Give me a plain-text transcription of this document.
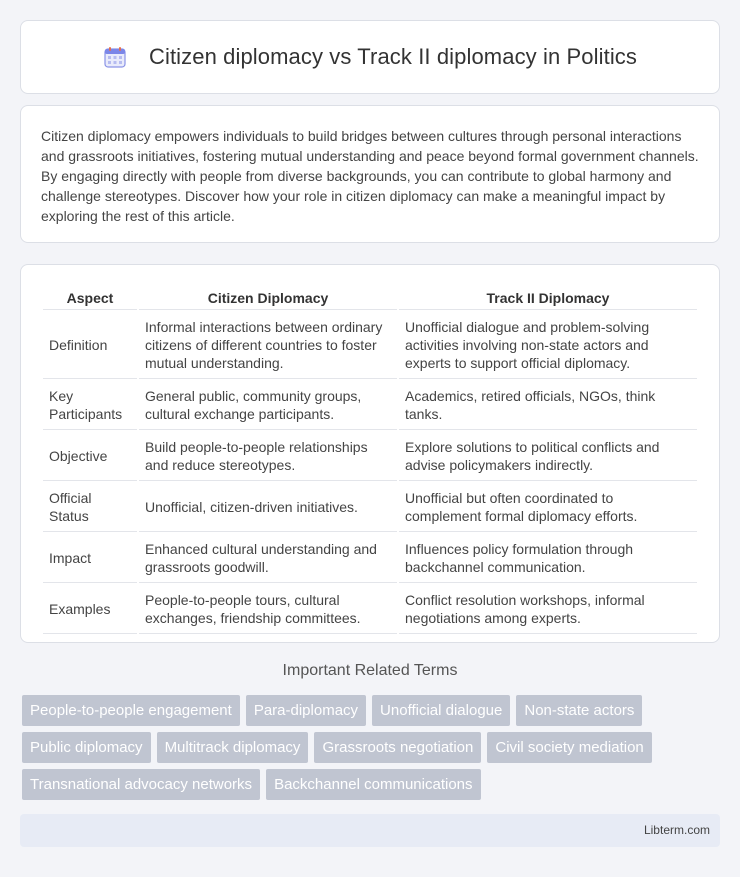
Citizen diplomacy vs Track II diplomacy in Politics

Citizen diplomacy empowers individuals to build bridges between cultures through personal interactions and grassroots initiatives, fostering mutual understanding and peace beyond formal government channels. By engaging directly with people from diverse backgrounds, you can contribute to global harmony and challenge stereotypes. Discover how your role in citizen diplomacy can make a meaningful impact by exploring the rest of this article.

Aspect	Citizen Diplomacy	Track II Diplomacy
Definition	Informal interactions between ordinary citizens of different countries to foster mutual understanding.	Unofficial dialogue and problem-solving activities involving non-state actors and experts to support official diplomacy.
Key Participants	General public, community groups, cultural exchange participants.	Academics, retired officials, NGOs, think tanks.
Objective	Build people-to-people relationships and reduce stereotypes.	Explore solutions to political conflicts and advise policymakers indirectly.
Official Status	Unofficial, citizen-driven initiatives.	Unofficial but often coordinated to complement formal diplomacy efforts.
Impact	Enhanced cultural understanding and grassroots goodwill.	Influences policy formulation through backchannel communication.
Examples	People-to-people tours, cultural exchanges, friendship committees.	Conflict resolution workshops, informal negotiations among experts.
Important Related Terms
People-to-people engagement	Para-diplomacy	Unofficial dialogue	Non-state actors
Public diplomacy	Multitrack diplomacy	Grassroots negotiation	Civil society mediation
Transnational advocacy networks	Backchannel communications
Libterm.com
